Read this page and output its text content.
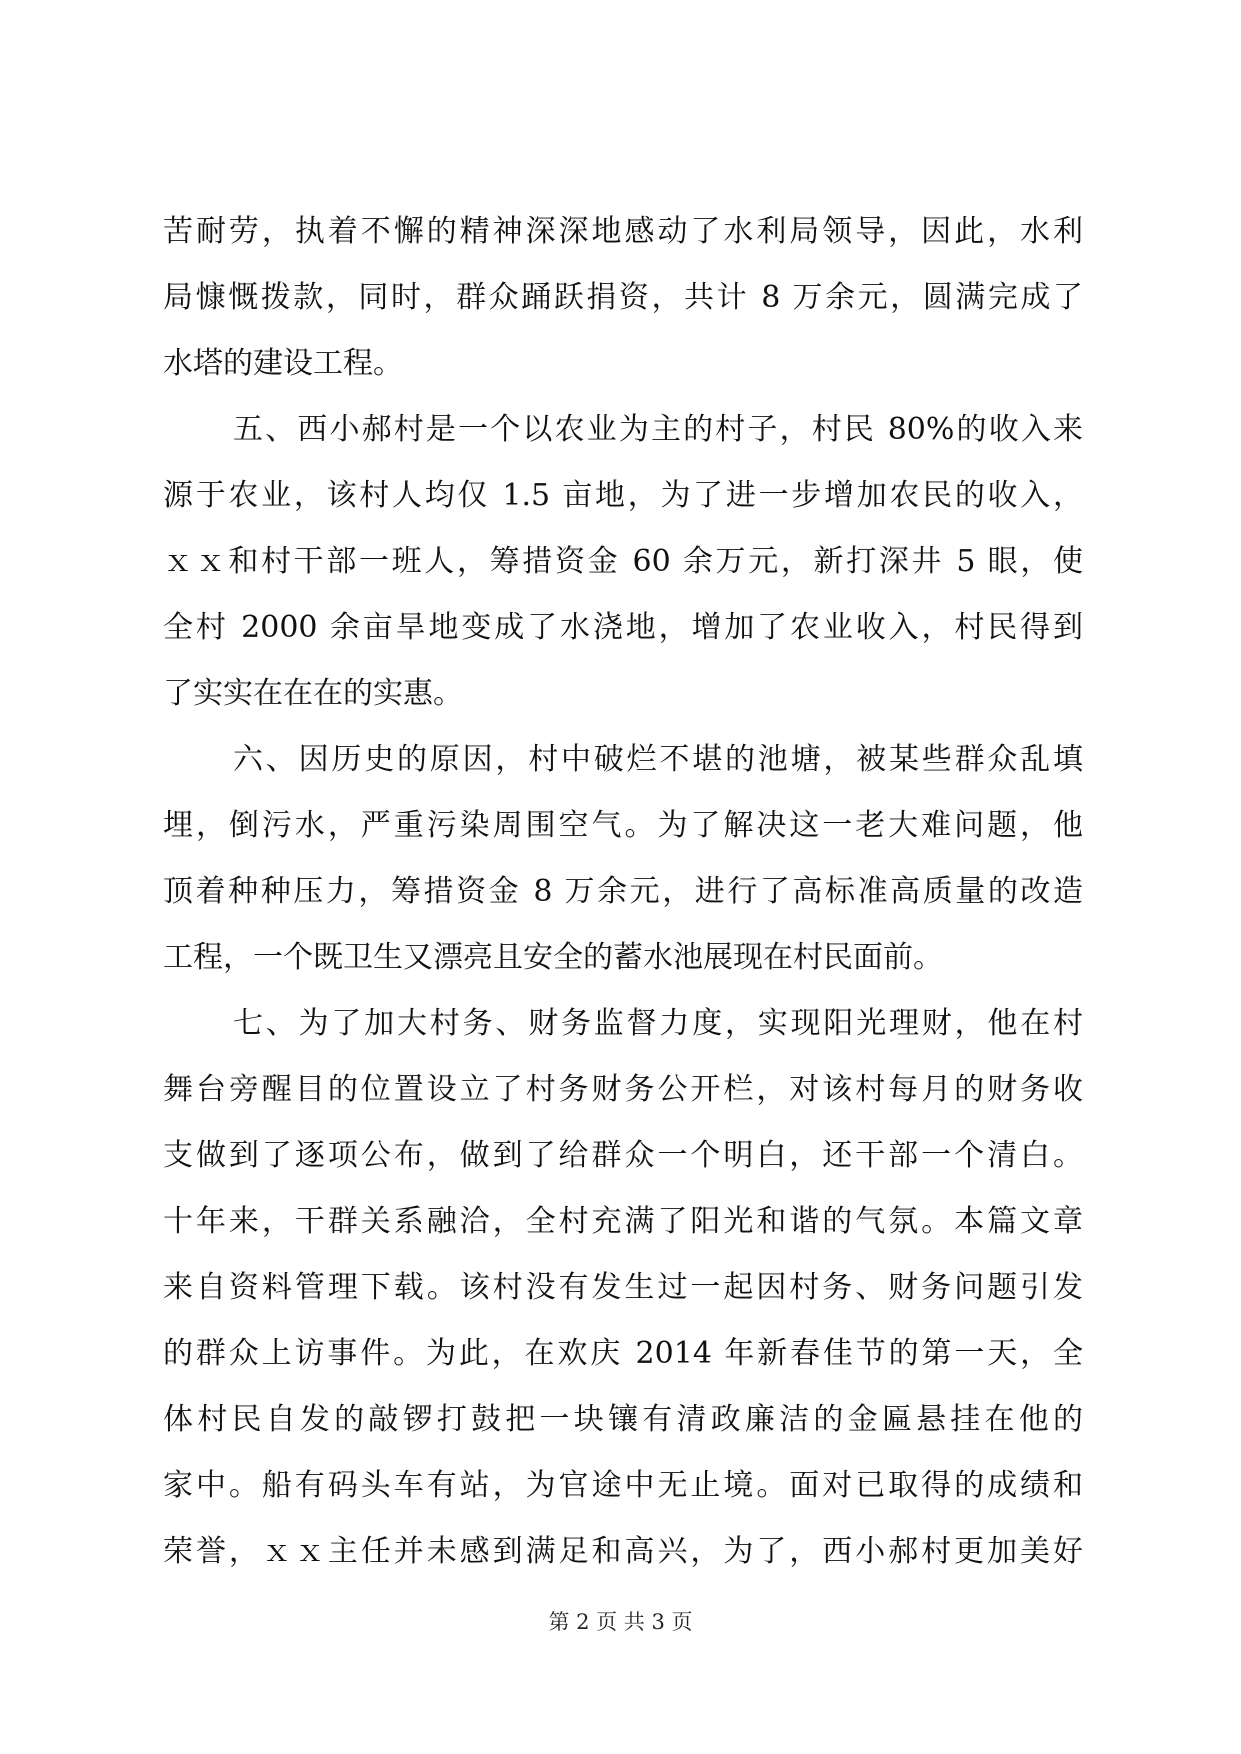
苦耐劳，执着不懈的精神深深地感动了水利局领导，因此，水利
局慷慨拨款，同时，群众踊跃捐资，共计 8 万余元，圆满完成了
水塔的建设工程。
五、西小郝村是一个以农业为主的村子，村民 80%的收入来
源于农业，该村人均仅 1.5 亩地，为了进一步增加农民的收入，
ｘｘ和村干部一班人，筹措资金 60 余万元，新打深井 5 眼，使
全村 2000 余亩旱地变成了水浇地，增加了农业收入，村民得到
了实实在在在的实惠。
六、因历史的原因，村中破烂不堪的池塘，被某些群众乱填
埋，倒污水，严重污染周围空气。为了解决这一老大难问题，他
顶着种种压力，筹措资金 8 万余元，进行了高标准高质量的改造
工程，一个既卫生又漂亮且安全的蓄水池展现在村民面前。
七、为了加大村务、财务监督力度，实现阳光理财，他在村
舞台旁醒目的位置设立了村务财务公开栏，对该村每月的财务收
支做到了逐项公布，做到了给群众一个明白，还干部一个清白。
十年来，干群关系融洽，全村充满了阳光和谐的气氛。本篇文章
来自资料管理下载。该村没有发生过一起因村务、财务问题引发
的群众上访事件。为此，在欢庆 2014 年新春佳节的第一天，全
体村民自发的敲锣打鼓把一块镶有清政廉洁的金匾悬挂在他的
家中。船有码头车有站，为官途中无止境。面对已取得的成绩和
荣誉，ｘｘ主任并未感到满足和高兴，为了，西小郝村更加美好
第 2 页 共 3 页
